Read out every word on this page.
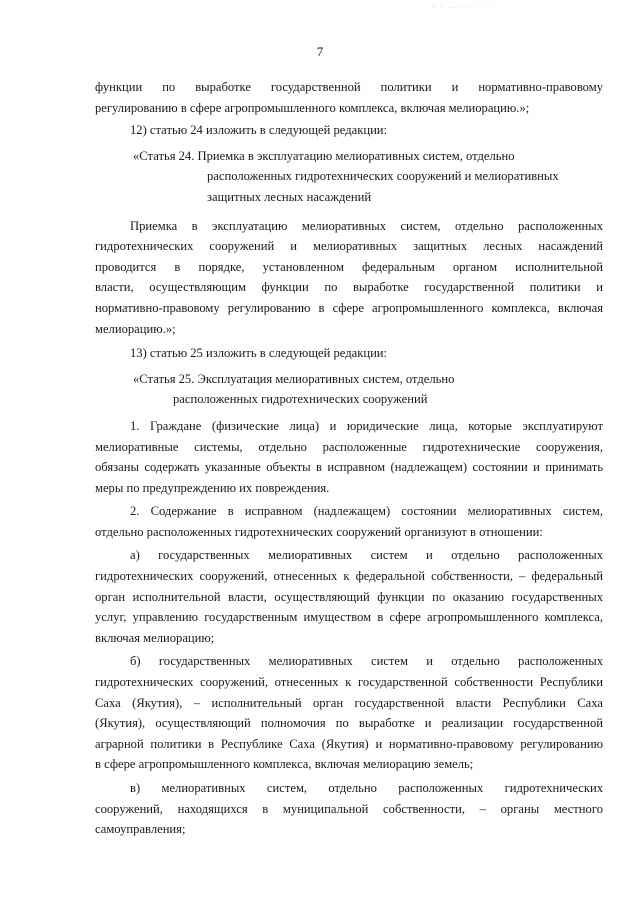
· · ·· · ·· · ·
7
функции по выработке государственной политики и нормативно-правовому
регулированию в сфере агропромышленного комплекса, включая мелиорацию.»;
12) статью 24 изложить в следующей редакции:
«Статья 24. Приемка в эксплуатацию мелиоративных систем, отдельно
расположенных гидротехнических сооружений и мелиоративных
защитных лесных насаждений
Приемка в эксплуатацию мелиоративных систем, отдельно расположенных
гидротехнических сооружений и мелиоративных защитных лесных насаждений
проводится в порядке, установленном федеральным органом исполнительной
власти, осуществляющим функции по выработке государственной политики и
нормативно-правовому регулированию в сфере агропромышленного комплекса, включая
мелиорацию.»;
13) статью 25 изложить в следующей редакции:
«Статья 25. Эксплуатация мелиоративных систем, отдельно
расположенных гидротехнических сооружений
1. Граждане (физические лица) и юридические лица, которые эксплуатируют
мелиоративные системы, отдельно расположенные гидротехнические сооружения,
обязаны содержать указанные объекты в исправном (надлежащем) состоянии и принимать
меры по предупреждению их повреждения.
2. Содержание в исправном (надлежащем) состоянии мелиоративных систем,
отдельно расположенных гидротехнических сооружений организуют в отношении:
а) государственных мелиоративных систем и отдельно расположенных
гидротехнических сооружений, отнесенных к федеральной собственности, – федеральный
орган исполнительной власти, осуществляющий функции по оказанию государственных
услуг, управлению государственным имуществом в сфере агропромышленного комплекса,
включая мелиорацию;
б) государственных мелиоративных систем и отдельно расположенных
гидротехнических сооружений, отнесенных к государственной собственности Республики
Саха (Якутия), – исполнительный орган государственной власти Республики Саха
(Якутия), осуществляющий полномочия по выработке и реализации государственной
аграрной политики в Республике Саха (Якутия) и нормативно-правовому регулированию
в сфере агропромышленного комплекса, включая мелиорацию земель;
в) мелиоративных систем, отдельно расположенных гидротехнических
сооружений, находящихся в муниципальной собственности, – органы местного
самоуправления;
